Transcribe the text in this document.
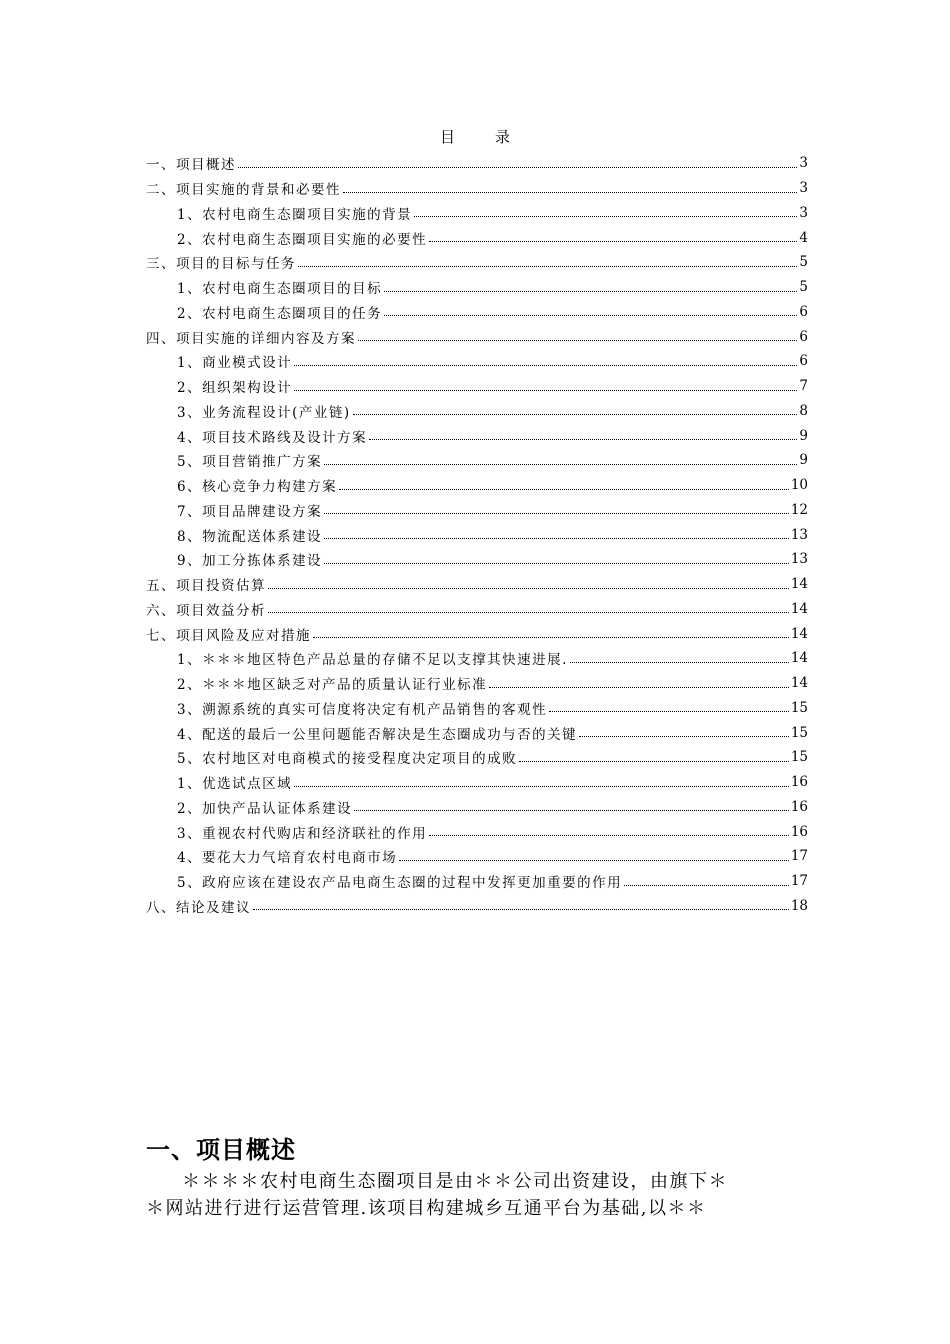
目	录
一、项目概述	3
二、项目实施的背景和必要性	3
1、农村电商生态圈项目实施的背景	3
2、农村电商生态圈项目实施的必要性	4
三、项目的目标与任务	5
1、农村电商生态圈项目的目标	5
2、农村电商生态圈项目的任务	6
四、项目实施的详细内容及方案	6
1、商业模式设计	6
2、组织架构设计	7
3、业务流程设计(产业链)	8
4、项目技术路线及设计方案	9
5、项目营销推广方案	9
6、核心竞争力构建方案	10
7、项目品牌建设方案	12
8、物流配送体系建设	13
9、加工分拣体系建设	13
五、项目投资估算	14
六、项目效益分析	14
七、项目风险及应对措施	14
1、＊＊＊地区特色产品总量的存储不足以支撑其快速进展.	14
2、＊＊＊地区缺乏对产品的质量认证行业标准	14
3、溯源系统的真实可信度将决定有机产品销售的客观性	15
4、配送的最后一公里问题能否解决是生态圈成功与否的关键	15
5、农村地区对电商模式的接受程度决定项目的成败	15
1、优选试点区域	16
2、加快产品认证体系建设	16
3、重视农村代购店和经济联社的作用	16
4、要花大力气培育农村电商市场	17
5、政府应该在建设农产品电商生态圈的过程中发挥更加重要的作用	17
八、结论及建议	18
一、项目概述

＊＊＊＊农村电商生态圈项目是由＊＊公司出资建设，由旗下＊

＊网站进行进行运营管理.该项目构建城乡互通平台为基础,以＊＊
